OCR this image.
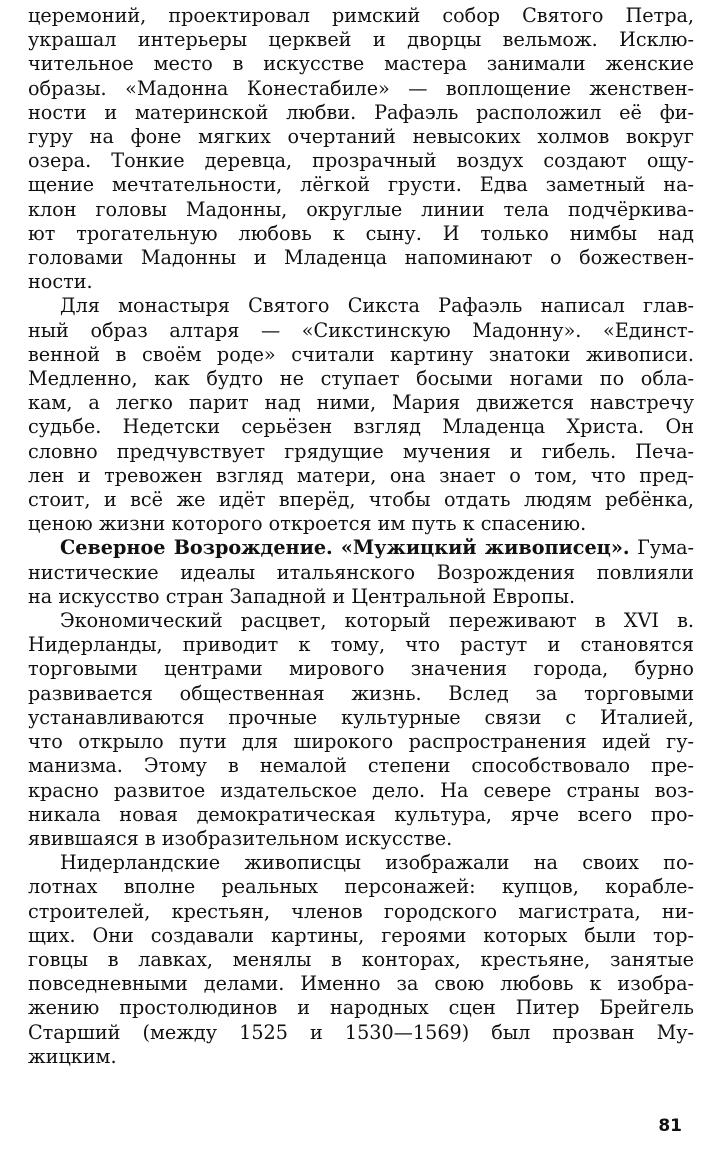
церемоний, проектировал римский собор Святого Петра,
украшал интерьеры церквей и дворцы вельмож. Исклю-
чительное место в искусстве мастера занимали женские
образы. «Мадонна Конестабиле» — воплощение женствен-
ности и материнской любви. Рафаэль расположил её фи-
гуру на фоне мягких очертаний невысоких холмов вокруг
озера. Тонкие деревца, прозрачный воздух создают ощу-
щение мечтательности, лёгкой грусти. Едва заметный на-
клон головы Мадонны, округлые линии тела подчёркива-
ют трогательную любовь к сыну. И только нимбы над
головами Мадонны и Младенца напоминают о божествен-
ности.

Для монастыря Святого Сикста Рафаэль написал глав-
ный образ алтаря — «Сикстинскую Мадонну». «Единст-
венной в своём роде» считали картину знатоки живописи.
Медленно, как будто не ступает босыми ногами по обла-
кам, а легко парит над ними, Мария движется навстречу
судьбе. Недетски серьёзен взгляд Младенца Христа. Он
словно предчувствует грядущие мучения и гибель. Печа-
лен и тревожен взгляд матери, она знает о том, что пред-
стоит, и всё же идёт вперёд, чтобы отдать людям ребёнка,
ценою жизни которого откроется им путь к спасению.

Северное Возрождение. «Мужицкий живописец». Гума-
нистические идеалы итальянского Возрождения повлияли
на искусство стран Западной и Центральной Европы.

Экономический расцвет, который переживают в XVI в.
Нидерланды, приводит к тому, что растут и становятся
торговыми центрами мирового значения города, бурно
развивается общественная жизнь. Вслед за торговыми
устанавливаются прочные культурные связи с Италией,
что открыло пути для широкого распространения идей гу-
манизма. Этому в немалой степени способствовало пре-
красно развитое издательское дело. На севере страны воз-
никала новая демократическая культура, ярче всего про-
явившаяся в изобразительном искусстве.

Нидерландские живописцы изображали на своих по-
лотнах вполне реальных персонажей: купцов, корабле-
строителей, крестьян, членов городского магистрата, ни-
щих. Они создавали картины, героями которых были тор-
говцы в лавках, менялы в конторах, крестьяне, занятые
повседневными делами. Именно за свою любовь к изобра-
жению простолюдинов и народных сцен Питер Брейгель
Старший (между 1525 и 1530—1569) был прозван Му-
жицким.

81
